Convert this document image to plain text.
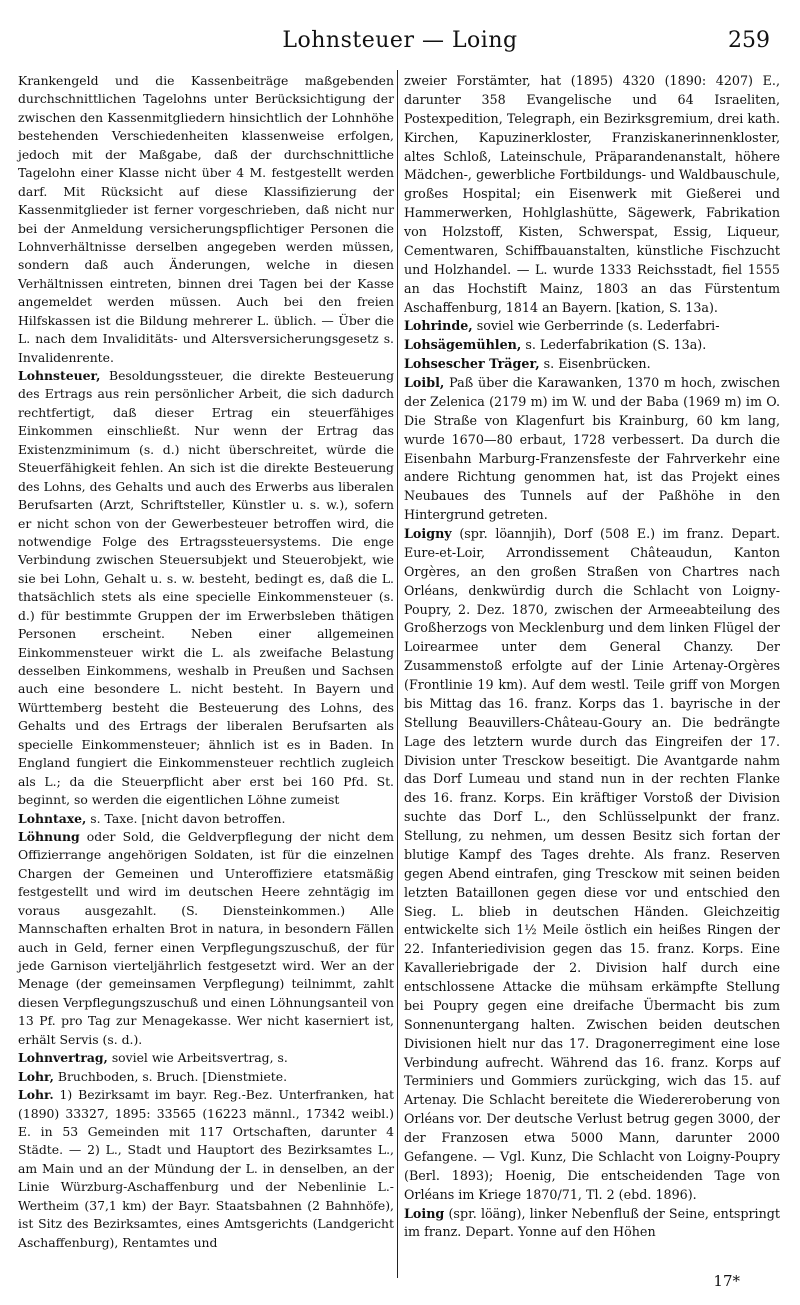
Lohnsteuer — Loing	259

Krankengeld und die Kassenbeiträge maßgebenden durchschnittlichen Tagelohns unter Berücksichtigung der zwischen den Kassenmitgliedern hinsichtlich der Lohnhöhe bestehenden Verschiedenheiten klassenweise erfolgen, jedoch mit der Maßgabe, daß der durchschnittliche Tagelohn einer Klasse nicht über 4 M. festgestellt werden darf. Mit Rücksicht auf diese Klassifizierung der Kassenmitglieder ist ferner vorgeschrieben, daß nicht nur bei der Anmeldung versicherungspflichtiger Personen die Lohnverhältnisse derselben angegeben werden müssen, sondern daß auch Änderungen, welche in diesen Verhältnissen eintreten, binnen drei Tagen bei der Kasse angemeldet werden müssen. Auch bei den freien Hilfskassen ist die Bildung mehrerer L. üblich. — Über die L. nach dem Invaliditäts- und Altersversicherungsgesetz s. Invalidenrente.

Lohnsteuer, Besoldungssteuer, die direkte Besteuerung des Ertrags aus rein persönlicher Arbeit, die sich dadurch rechtfertigt, daß dieser Ertrag ein steuerfähiges Einkommen einschließt. Nur wenn der Ertrag das Existenzminimum (s. d.) nicht überschreitet, würde die Steuerfähigkeit fehlen. An sich ist die direkte Besteuerung des Lohns, des Gehalts und auch des Erwerbs aus liberalen Berufsarten (Arzt, Schriftsteller, Künstler u. s. w.), sofern er nicht schon von der Gewerbesteuer betroffen wird, die notwendige Folge des Ertragssteuersystems. Die enge Verbindung zwischen Steuersubjekt und Steuerobjekt, wie sie bei Lohn, Gehalt u. s. w. besteht, bedingt es, daß die L. thatsächlich stets als eine specielle Einkommensteuer (s. d.) für bestimmte Gruppen der im Erwerbsleben thätigen Personen erscheint. Neben einer allgemeinen Einkommensteuer wirkt die L. als zweifache Belastung desselben Einkommens, weshalb in Preußen und Sachsen auch eine besondere L. nicht besteht. In Bayern und Württemberg besteht die Besteuerung des Lohns, des Gehalts und des Ertrags der liberalen Berufsarten als specielle Einkommensteuer; ähnlich ist es in Baden. In England fungiert die Einkommensteuer rechtlich zugleich als L.; da die Steuerpflicht aber erst bei 160 Pfd. St. beginnt, so werden die eigentlichen Löhne zumeist

Lohntaxe, s. Taxe. [nicht davon betroffen.

Löhnung oder Sold, die Geldverpflegung der nicht dem Offizierrange angehörigen Soldaten, ist für die einzelnen Chargen der Gemeinen und Unteroffiziere etatsmäßig festgestellt und wird im deutschen Heere zehntägig im voraus ausgezahlt. (S. Diensteinkommen.) Alle Mannschaften erhalten Brot in natura, in besondern Fällen auch in Geld, ferner einen Verpflegungszuschuß, der für jede Garnison vierteljährlich festgesetzt wird. Wer an der Menage (der gemeinsamen Verpflegung) teilnimmt, zahlt diesen Verpflegungszuschuß und einen Löhnungsanteil von 13 Pf. pro Tag zur Menagekasse. Wer nicht kaserniert ist, erhält Servis (s. d.).

Lohnvertrag, soviel wie Arbeitsvertrag, s.

Lohr, Bruchboden, s. Bruch. [Dienstmiete.

Lohr. 1) Bezirksamt im bayr. Reg.-Bez. Unterfranken, hat (1890) 33327, 1895: 33565 (16223 männl., 17342 weibl.) E. in 53 Gemeinden mit 117 Ortschaften, darunter 4 Städte. — 2) L., Stadt und Hauptort des Bezirksamtes L., am Main und an der Mündung der L. in denselben, an der Linie Würzburg-Aschaffenburg und der Nebenlinie L.-Wertheim (37,1 km) der Bayr. Staatsbahnen (2 Bahnhöfe), ist Sitz des Bezirksamtes, eines Amtsgerichts (Landgericht Aschaffenburg), Rentamtes und

zweier Forstämter, hat (1895) 4320 (1890: 4207) E., darunter 358 Evangelische und 64 Israeliten, Postexpedition, Telegraph, ein Bezirksgremium, drei kath. Kirchen, Kapuzinerkloster, Franziskanerinnenkloster, altes Schloß, Lateinschule, Präparandenanstalt, höhere Mädchen-, gewerbliche Fortbildungs- und Waldbauschule, großes Hospital; ein Eisenwerk mit Gießerei und Hammerwerken, Hohlglashütte, Sägewerk, Fabrikation von Holzstoff, Kisten, Schwerspat, Essig, Liqueur, Cementwaren, Schiffbauanstalten, künstliche Fischzucht und Holzhandel. — L. wurde 1333 Reichsstadt, fiel 1555 an das Hochstift Mainz, 1803 an das Fürstentum Aschaffenburg, 1814 an Bayern. [kation, S. 13a).

Lohrinde, soviel wie Gerberrinde (s. Lederfabri-

Lohsägemühlen, s. Lederfabrikation (S. 13a).

Lohsescher Träger, s. Eisenbrücken.

Loibl, Paß über die Karawanken, 1370 m hoch, zwischen der Zelenica (2179 m) im W. und der Baba (1969 m) im O. Die Straße von Klagenfurt bis Krainburg, 60 km lang, wurde 1670—80 erbaut, 1728 verbessert. Da durch die Eisenbahn Marburg-Franzensfeste der Fahrverkehr eine andere Richtung genommen hat, ist das Projekt eines Neubaues des Tunnels auf der Paßhöhe in den Hintergrund getreten.

Loigny (spr. löannjih), Dorf (508 E.) im franz. Depart. Eure-et-Loir, Arrondissement Châteaudun, Kanton Orgères, an den großen Straßen von Chartres nach Orléans, denkwürdig durch die Schlacht von Loigny-Poupry, 2. Dez. 1870, zwischen der Armeeabteilung des Großherzogs von Mecklenburg und dem linken Flügel der Loirearmee unter dem General Chanzy. Der Zusammenstoß erfolgte auf der Linie Artenay-Orgères (Frontlinie 19 km). Auf dem westl. Teile griff von Morgen bis Mittag das 16. franz. Korps das 1. bayrische in der Stellung Beauvillers-Château-Goury an. Die bedrängte Lage des letztern wurde durch das Eingreifen der 17. Division unter Tresckow beseitigt. Die Avantgarde nahm das Dorf Lumeau und stand nun in der rechten Flanke des 16. franz. Korps. Ein kräftiger Vorstoß der Division suchte das Dorf L., den Schlüsselpunkt der franz. Stellung, zu nehmen, um dessen Besitz sich fortan der blutige Kampf des Tages drehte. Als franz. Reserven gegen Abend eintrafen, ging Tresckow mit seinen beiden letzten Bataillonen gegen diese vor und entschied den Sieg. L. blieb in deutschen Händen. Gleichzeitig entwickelte sich 1½ Meile östlich ein heißes Ringen der 22. Infanteriedivision gegen das 15. franz. Korps. Eine Kavalleriebrigade der 2. Division half durch eine entschlossene Attacke die mühsam erkämpfte Stellung bei Poupry gegen eine dreifache Übermacht bis zum Sonnenuntergang halten. Zwischen beiden deutschen Divisionen hielt nur das 17. Dragonerregiment eine lose Verbindung aufrecht. Während das 16. franz. Korps auf Terminiers und Gommiers zurückging, wich das 15. auf Artenay. Die Schlacht bereitete die Wiedereroberung von Orléans vor. Der deutsche Verlust betrug gegen 3000, der der Franzosen etwa 5000 Mann, darunter 2000 Gefangene. — Vgl. Kunz, Die Schlacht von Loigny-Poupry (Berl. 1893); Hoenig, Die entscheidenden Tage von Orléans im Kriege 1870/71, Tl. 2 (ebd. 1896).

Loing (spr. löäng), linker Nebenfluß der Seine, entspringt im franz. Depart. Yonne auf den Höhen

17*
